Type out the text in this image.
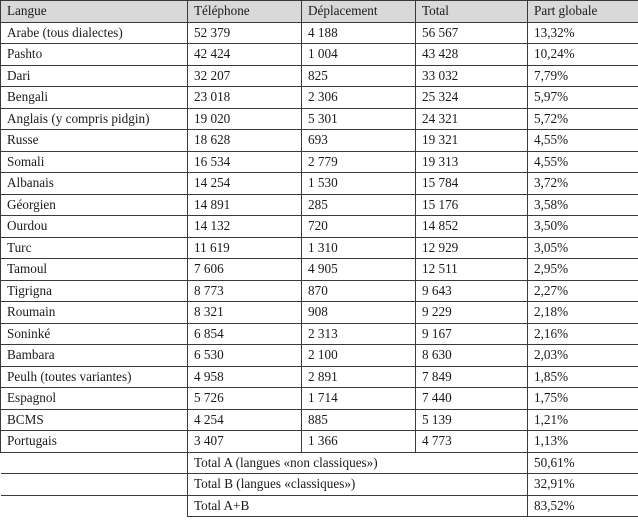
Langue	Téléphone	Déplacement	Total	Part globale
Arabe (tous dialectes)	52 379	4 188	56 567	13,32%
Pashto	42 424	1 004	43 428	10,24%
Dari	32 207	825	33 032	7,79%
Bengali	23 018	2 306	25 324	5,97%
Anglais (y compris pidgin)	19 020	5 301	24 321	5,72%
Russe	18 628	693	19 321	4,55%
Somali	16 534	2 779	19 313	4,55%
Albanais	14 254	1 530	15 784	3,72%
Géorgien	14 891	285	15 176	3,58%
Ourdou	14 132	720	14 852	3,50%
Turc	11 619	1 310	12 929	3,05%
Tamoul	7 606	4 905	12 511	2,95%
Tigrigna	8 773	870	9 643	2,27%
Roumain	8 321	908	9 229	2,18%
Soninké	6 854	2 313	9 167	2,16%
Bambara	6 530	2 100	8 630	2,03%
Peulh (toutes variantes)	4 958	2 891	7 849	1,85%
Espagnol	5 726	1 714	7 440	1,75%
BCMS	4 254	885	5 139	1,21%
Portugais	3 407	1 366	4 773	1,13%
	Total A (langues «non classiques»)			50,61%
	Total B (langues «classiques»)			32,91%
	Total A+B			83,52%
